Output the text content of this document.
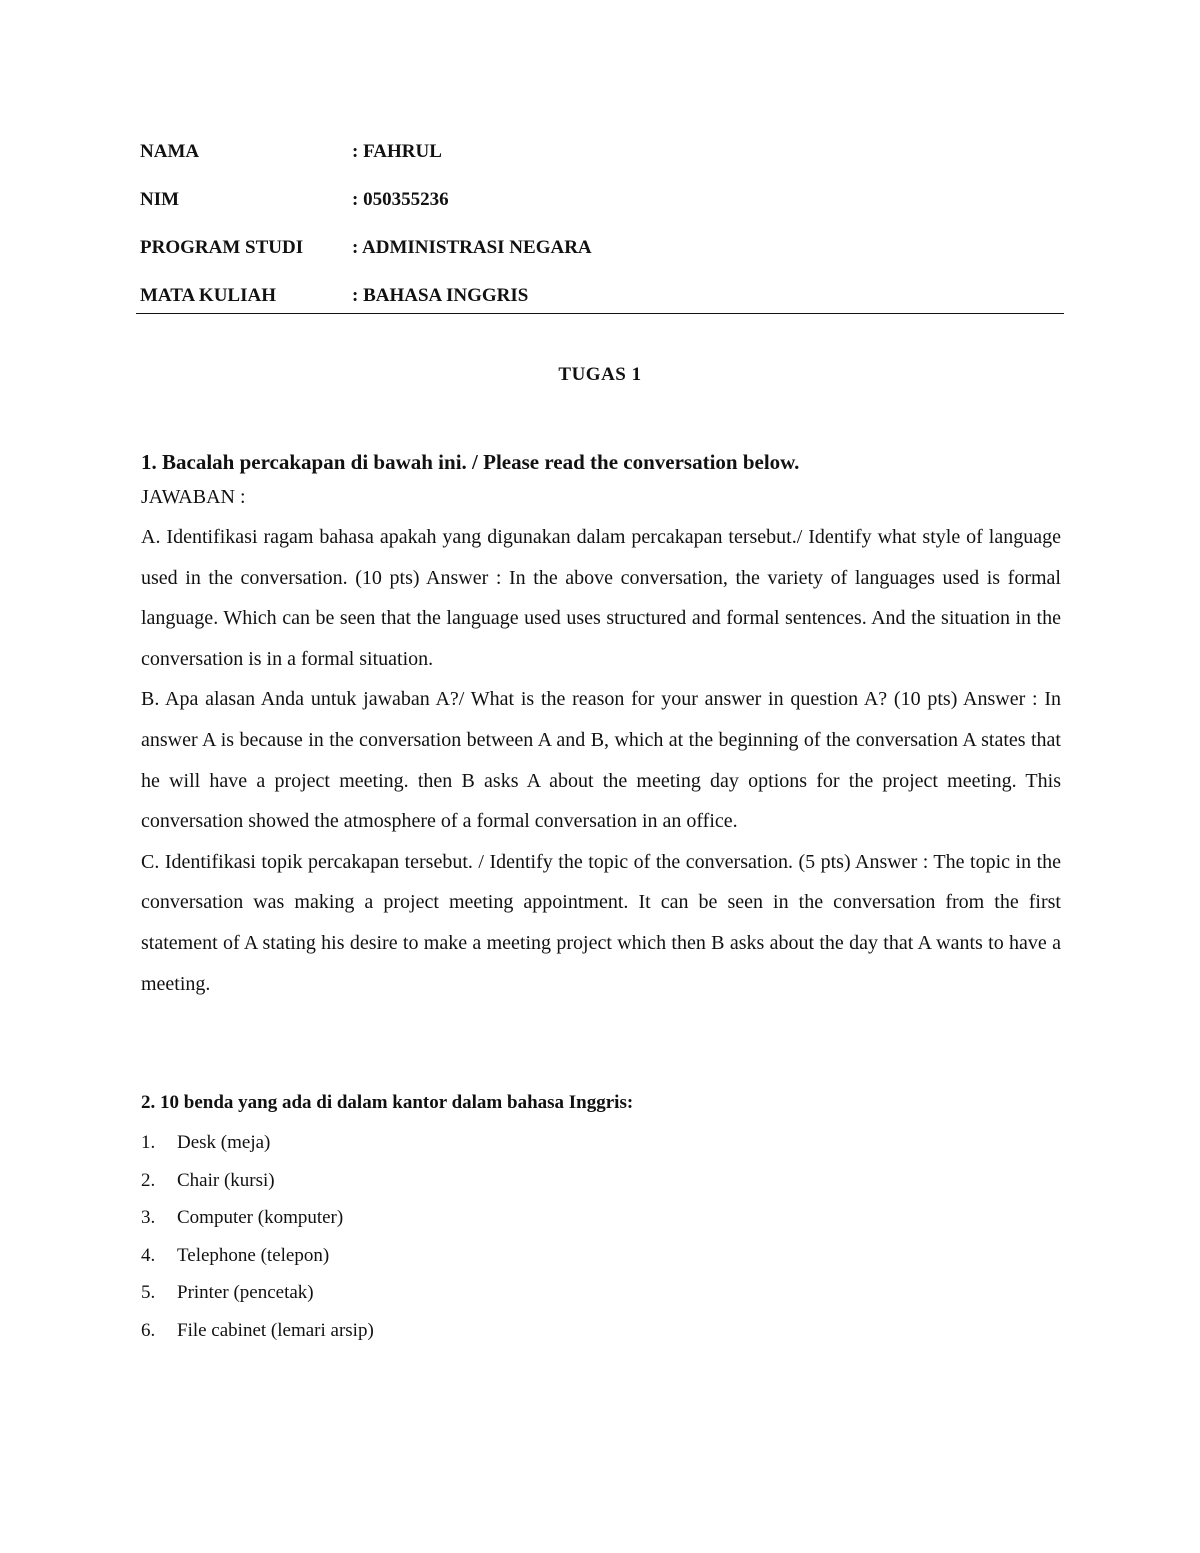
NAMA	: FAHRUL
NIM	: 050355236
PROGRAM STUDI	: ADMINISTRASI NEGARA
MATA KULIAH	: BAHASA INGGRIS
TUGAS 1

1. Bacalah percakapan di bawah ini. / Please read the conversation below.

JAWABAN :

A. Identifikasi ragam bahasa apakah yang digunakan dalam percakapan tersebut./ Identify what style of language used in the conversation. (10 pts) Answer : In the above conversation, the variety of languages used is formal language. Which can be seen that the language used uses structured and formal sentences. And the situation in the conversation is in a formal situation.

B. Apa alasan Anda untuk jawaban A?/ What is the reason for your answer in question A? (10 pts) Answer : In answer A is because in the conversation between A and B, which at the beginning of the conversation A states that he will have a project meeting. then B asks A about the meeting day options for the project meeting. This conversation showed the atmosphere of a formal conversation in an office.

C. Identifikasi topik percakapan tersebut. / Identify the topic of the conversation. (5 pts) Answer : The topic in the conversation was making a project meeting appointment. It can be seen in the conversation from the first statement of A stating his desire to make a meeting project which then B asks about the day that A wants to have a meeting.

2. 10 benda yang ada di dalam kantor dalam bahasa Inggris:

1. Desk (meja)
2. Chair (kursi)
3. Computer (komputer)
4. Telephone (telepon)
5. Printer (pencetak)
6. File cabinet (lemari arsip)
